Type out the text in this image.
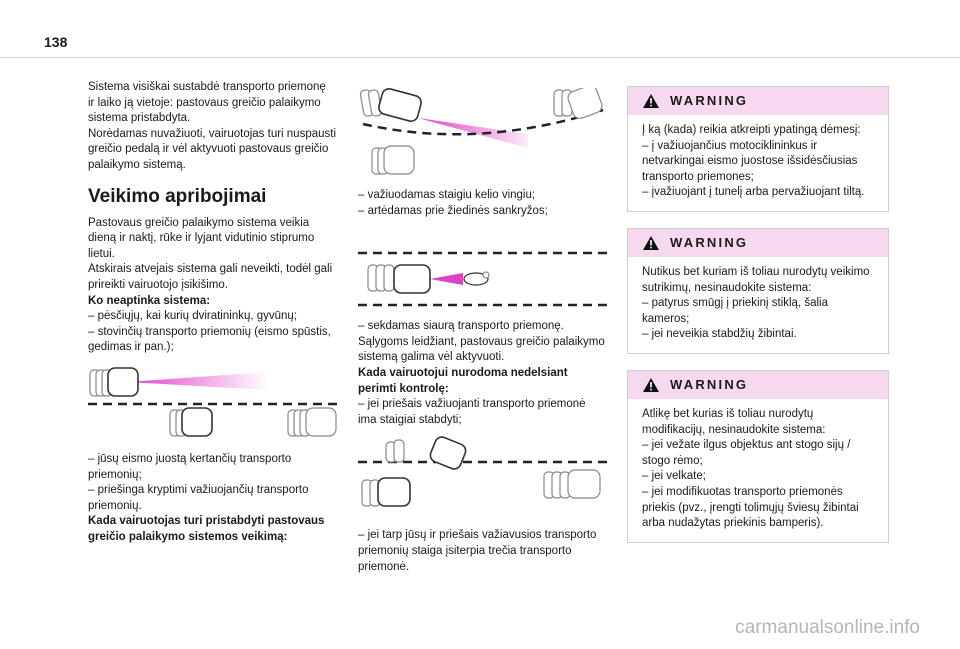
138

Sistema visiškai sustabdė transporto priemonę
ir laiko ją vietoje: pastovaus greičio palaikymo
sistema pristabdyta.
Norėdamas nuvažiuoti, vairuotojas turi nuspausti
greičio pedalą ir vėl aktyvuoti pastovaus greičio
palaikymo sistemą.

Veikimo apribojimai

Pastovaus greičio palaikymo sistema veikia
dieną ir naktį, rūke ir lyjant vidutinio stiprumo
lietui.
Atskirais atvejais sistema gali neveikti, todėl gali
prireikti vairuotojo įsikišimo.

Ko neaptinka sistema:

– pėsčiųjų, kai kurių dviratininkų, gyvūnų;
– stovinčių transporto priemonių (eismo spūstis,
gedimas ir pan.);

– jūsų eismo juostą kertančių transporto
priemonių;
– priešinga kryptimi važiuojančių transporto
priemonių.

Kada vairuotojas turi pristabdyti pastovaus
greičio palaikymo sistemos veikimą:

– važiuodamas staigiu kelio vingiu;
– artėdamas prie žiedinės sankryžos;

– sekdamas siaurą transporto priemonę.
Sąlygoms leidžiant, pastovaus greičio palaikymo
sistemą galima vėl aktyvuoti.

Kada vairuotojui nurodoma nedelsiant
perimti kontrolę:

– jei priešais važiuojanti transporto priemonė
ima staigiai stabdyti;

– jei tarp jūsų ir priešais važiavusios transporto
priemonių staiga įsiterpia trečia transporto
priemonė.

WARNING
Į ką (kada) reikia atkreipti ypatingą dėmesį:
– į važiuojančius motociklininkus ir
netvarkingai eismo juostose išsidėsčiusias
transporto priemones;
– įvažiuojant į tunelį arba pervažiuojant tiltą.
WARNING
Nutikus bet kuriam iš toliau nurodytų veikimo
sutrikimų, nesinaudokite sistema:
– patyrus smūgį į priekinį stiklą, šalia
kameros;
– jei neveikia stabdžių žibintai.
WARNING
Atlikę bet kurias iš toliau nurodytų
modifikacijų, nesinaudokite sistema:
– jei vežate ilgus objektus ant stogo sijų /
stogo rėmo;
– jei velkate;
– jei modifikuotas transporto priemonės
priekis (pvz., įrengti tolimųjų šviesų žibintai
arba nudažytas priekinis bamperis).
carmanualsonline.info
